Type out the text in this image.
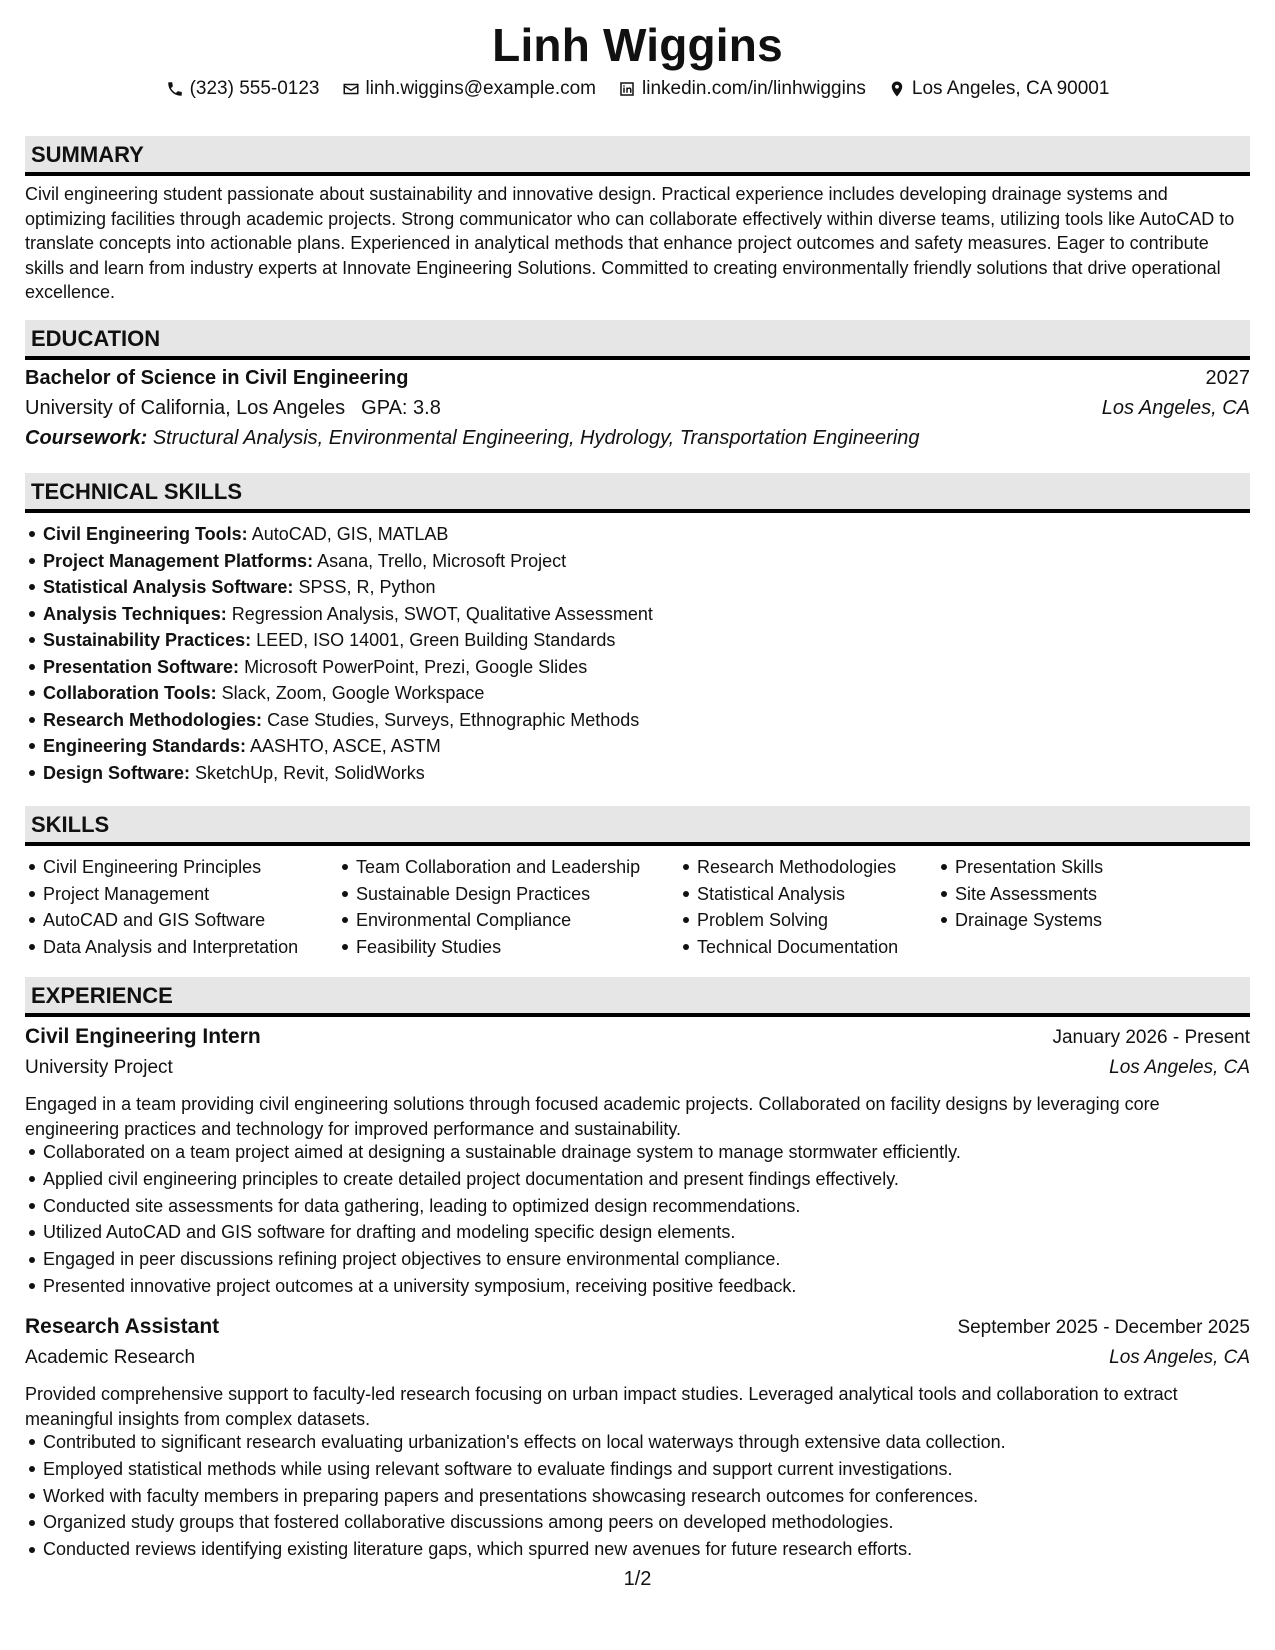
Linh Wiggins
(323) 555-0123 linh.wiggins@example.com linkedin.com/in/linhwiggins Los Angeles, CA 90001
SUMMARY
Civil engineering student passionate about sustainability and innovative design. Practical experience includes developing drainage systems and optimizing facilities through academic projects. Strong communicator who can collaborate effectively within diverse teams, utilizing tools like AutoCAD to translate concepts into actionable plans. Experienced in analytical methods that enhance project outcomes and safety measures. Eager to contribute skills and learn from industry experts at Innovate Engineering Solutions. Committed to creating environmentally friendly solutions that drive operational excellence.
EDUCATION
Bachelor of Science in Civil Engineering	2027
University of California, Los Angeles GPA: 3.8	Los Angeles, CA
Coursework: Structural Analysis, Environmental Engineering, Hydrology, Transportation Engineering
TECHNICAL SKILLS
Civil Engineering Tools: AutoCAD, GIS, MATLAB
Project Management Platforms: Asana, Trello, Microsoft Project
Statistical Analysis Software: SPSS, R, Python
Analysis Techniques: Regression Analysis, SWOT, Qualitative Assessment
Sustainability Practices: LEED, ISO 14001, Green Building Standards
Presentation Software: Microsoft PowerPoint, Prezi, Google Slides
Collaboration Tools: Slack, Zoom, Google Workspace
Research Methodologies: Case Studies, Surveys, Ethnographic Methods
Engineering Standards: AASHTO, ASCE, ASTM
Design Software: SketchUp, Revit, SolidWorks
SKILLS
Civil Engineering Principles
Project Management
AutoCAD and GIS Software
Data Analysis and Interpretation
Team Collaboration and Leadership
Sustainable Design Practices
Environmental Compliance
Feasibility Studies
Research Methodologies
Statistical Analysis
Problem Solving
Technical Documentation
Presentation Skills
Site Assessments
Drainage Systems
EXPERIENCE
Civil Engineering Intern	January 2026 - Present
University Project	Los Angeles, CA
Engaged in a team providing civil engineering solutions through focused academic projects. Collaborated on facility designs by leveraging core engineering practices and technology for improved performance and sustainability.
Collaborated on a team project aimed at designing a sustainable drainage system to manage stormwater efficiently.
Applied civil engineering principles to create detailed project documentation and present findings effectively.
Conducted site assessments for data gathering, leading to optimized design recommendations.
Utilized AutoCAD and GIS software for drafting and modeling specific design elements.
Engaged in peer discussions refining project objectives to ensure environmental compliance.
Presented innovative project outcomes at a university symposium, receiving positive feedback.
Research Assistant	September 2025 - December 2025
Academic Research	Los Angeles, CA
Provided comprehensive support to faculty-led research focusing on urban impact studies. Leveraged analytical tools and collaboration to extract meaningful insights from complex datasets.
Contributed to significant research evaluating urbanization's effects on local waterways through extensive data collection.
Employed statistical methods while using relevant software to evaluate findings and support current investigations.
Worked with faculty members in preparing papers and presentations showcasing research outcomes for conferences.
Organized study groups that fostered collaborative discussions among peers on developed methodologies.
Conducted reviews identifying existing literature gaps, which spurred new avenues for future research efforts.
1/2
